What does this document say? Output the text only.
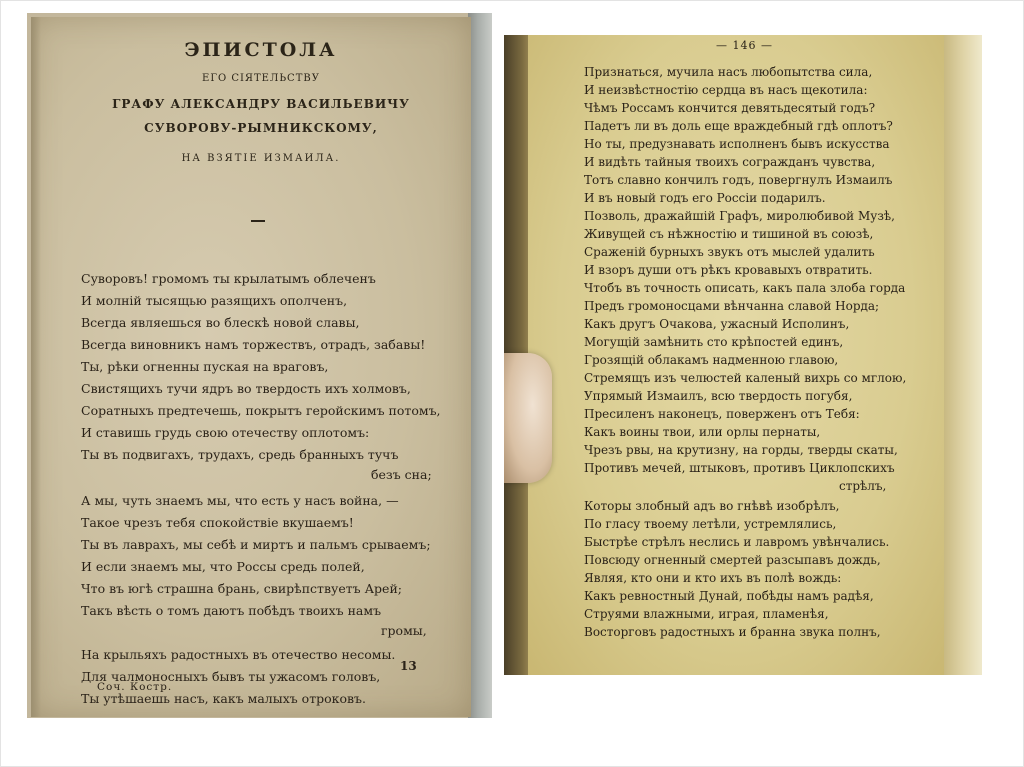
ЭПИСТОЛА

ЕГО СІЯТЕЛЬСТВУ

ГРАФУ АЛЕКСАНДРУ ВАСИЛЬЕВИЧУ

СУВОРОВУ-РЫМНИКСКОМУ,

НА ВЗЯТІЕ ИЗМАИЛА.

Суворовъ! громомъ ты крылатымъ облеченъ
И молній тысящью разящихъ ополченъ,
Всегда являешься во блескѣ новой славы,
Всегда виновникъ намъ торжествъ, отрадъ, забавы!
Ты, рѣки огненны пуская на враговъ,
Свистящихъ тучи ядръ во твердость ихъ холмовъ,
Соратныхъ предтечешь, покрытъ геройскимъ потомъ,
И ставишь грудь свою отечеству оплотомъ:
Ты въ подвигахъ, трудахъ, средь бранныхъ тучъ
безъ сна;
А мы, чуть знаемъ мы, что есть у насъ война, —
Такое чрезъ тебя спокойствіе вкушаемъ!
Ты въ лаврахъ, мы себѣ и миртъ и пальмъ срываемъ;
И если знаемъ мы, что Россы средь полей,
Что въ югѣ страшна брань, свирѣпствуетъ Арей;
Такъ вѣсть о томъ даютъ побѣдъ твоихъ намъ
громы,
На крыльяхъ радостныхъ въ отечество несомы.
Для чалмоносныхъ бывъ ты ужасомъ головъ,
Ты утѣшаешь насъ, какъ малыхъ отроковъ.
13
Соч. Костр.
— 146 —
Признаться, мучила насъ любопытства сила,
И неизвѣстностію сердца въ насъ щекотила:
Чѣмъ Россамъ кончится девятьдесятый годъ?
Падетъ ли въ доль еще враждебный гдѣ оплотъ?
Но ты, предузнавать исполненъ бывъ искусства
И видѣть тайныя твоихъ согражданъ чувства,
Тотъ славно кончилъ годъ, повергнулъ Измаилъ
И въ новый годъ его Россіи подарилъ.
Позволь, дражайшій Графъ, миролюбивой Музѣ,
Живущей съ нѣжностію и тишиной въ союзѣ,
Сраженій бурныхъ звукъ отъ мыслей удалить
И взоръ души отъ рѣкъ кровавыхъ отвратить.
Чтобъ въ точность описать, какъ пала злоба горда
Предъ громоносцами вѣнчанна славой Норда;
Какъ другъ Очакова, ужасный Исполинъ,
Могущій замѣнить сто крѣпостей единъ,
Грозящій облакамъ надменною главою,
Стремящъ изъ челюстей каленый вихрь со мглою,
Упрямый Измаилъ, всю твердость погубя,
Пресиленъ наконецъ, поверженъ отъ Тебя:
Какъ воины твои, или орлы пернаты,
Чрезъ рвы, на крутизну, на горды, тверды скаты,
Противъ мечей, штыковъ, противъ Циклопскихъ
стрѣлъ,
Которы злобный адъ во гнѣвѣ изобрѣлъ,
По гласу твоему летѣли, устремлялись,
Быстрѣе стрѣлъ неслись и лавромъ увѣнчались.
Повсюду огненный смертей разсыпавъ дождь,
Являя, кто они и кто ихъ въ полѣ вождь:
Какъ ревностный Дунай, побѣды намъ радѣя,
Струями влажными, играя, пламенѣя,
Восторговъ радостныхъ и бранна звука полнъ,
